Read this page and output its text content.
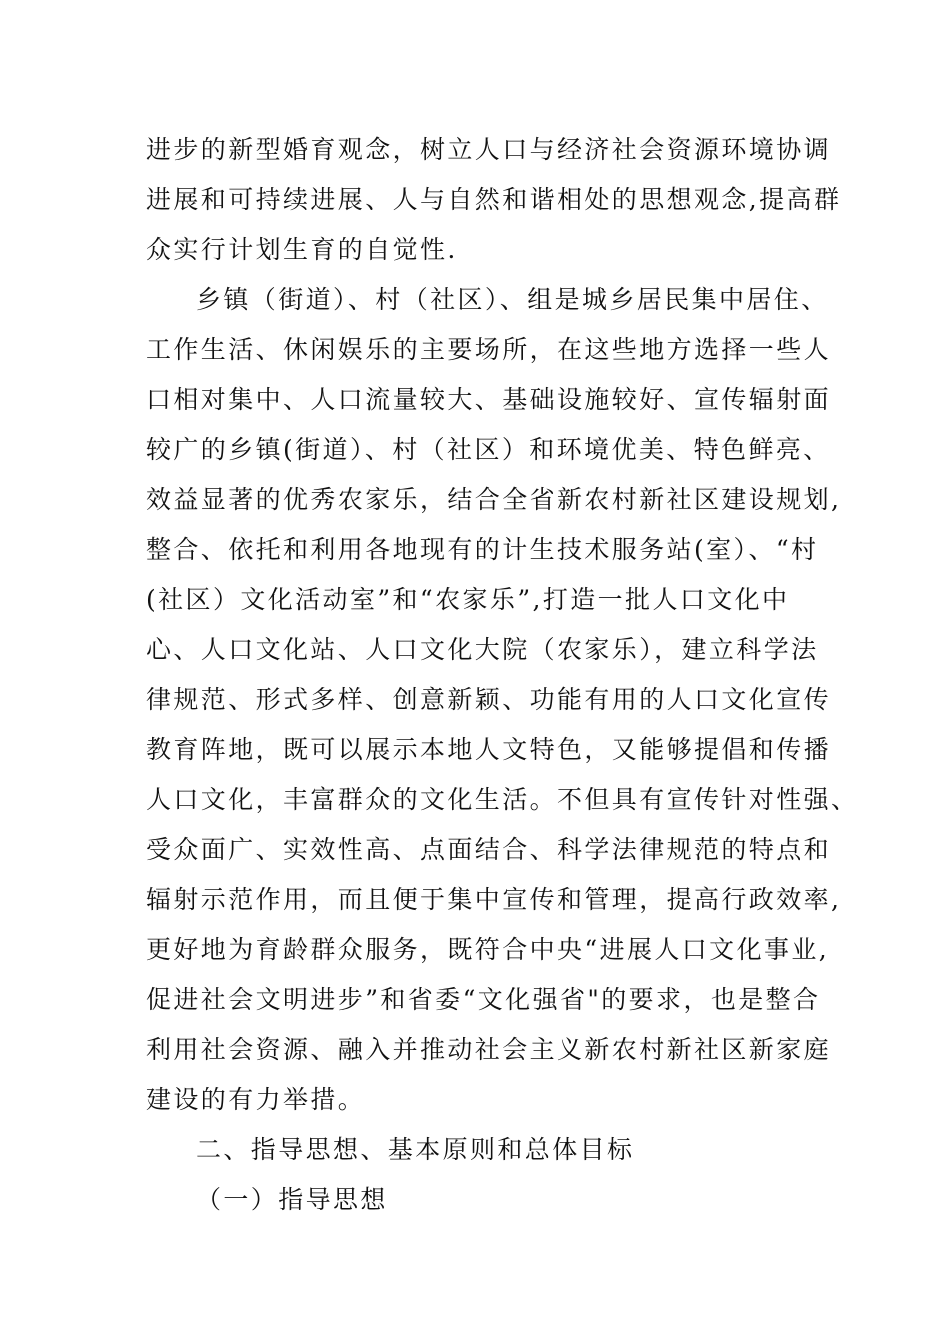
进步的新型婚育观念，树立人口与经济社会资源环境协调
进展和可持续进展、人与自然和谐相处的思想观念,提高群
众实行计划生育的自觉性.
乡镇（街道）、村（社区）、组是城乡居民集中居住、
工作生活、休闲娱乐的主要场所，在这些地方选择一些人
口相对集中、人口流量较大、基础设施较好、宣传辐射面
较广的乡镇(街道）、村（社区）和环境优美、特色鲜亮、
效益显著的优秀农家乐，结合全省新农村新社区建设规划,
整合、依托和利用各地现有的计生技术服务站(室）、“村
(社区）文化活动室”和“农家乐”,打造一批人口文化中
心、人口文化站、人口文化大院（农家乐），建立科学法
律规范、形式多样、创意新颖、功能有用的人口文化宣传
教育阵地，既可以展示本地人文特色，又能够提倡和传播
人口文化，丰富群众的文化生活。不但具有宣传针对性强、
受众面广、实效性高、点面结合、科学法律规范的特点和
辐射示范作用，而且便于集中宣传和管理，提高行政效率,
更好地为育龄群众服务，既符合中央“进展人口文化事业,
促进社会文明进步”和省委“文化强省"的要求，也是整合
利用社会资源、融入并推动社会主义新农村新社区新家庭
建设的有力举措。
二、指导思想、基本原则和总体目标
（一）指导思想
